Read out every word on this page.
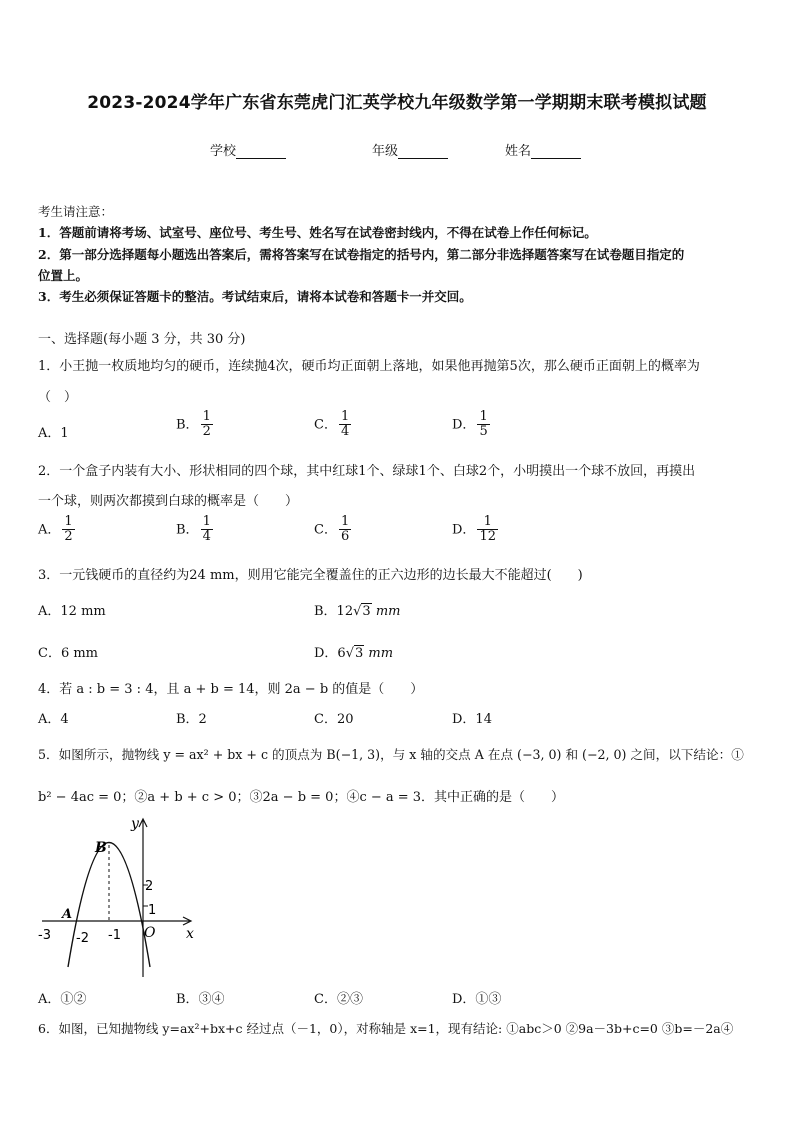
2023-2024学年广东省东莞虎门汇英学校九年级数学第一学期期末联考模拟试题
学校	年级	姓名
考生请注意：
1．答题前请将考场、试室号、座位号、考生号、姓名写在试卷密封线内，不得在试卷上作任何标记。
2．第一部分选择题每小题选出答案后，需将答案写在试卷指定的括号内，第二部分非选择题答案写在试卷题目指定的
位置上。
3．考生必须保证答题卡的整洁。考试结束后，请将本试卷和答题卡一并交回。
一、选择题(每小题 3 分，共 30 分)
1．小王抛一枚质地均匀的硬币，连续抛4次，硬币均正面朝上落地，如果他再抛第5次，那么硬币正面朝上的概率为
（　）
A．1
B． $\frac{1}{2}$	C． $\frac{1}{4}$	D． $\frac{1}{5}$
2．一个盒子内装有大小、形状相同的四个球，其中红球1个、绿球1个、白球2个，小明摸出一个球不放回，再摸出
一个球，则两次都摸到白球的概率是（　　）
A． $\frac{1}{2}$	B． $\frac{1}{4}$	C． $\frac{1}{6}$	D． $\frac{1}{12}$
3．一元钱硬币的直径约为24 mm，则用它能完全覆盖住的正六边形的边长最大不能超过(　　)
A．12 mm	B．12√3 mm
C．6 mm	D．6√3 mm
4．若 a : b = 3 : 4，且 a + b = 14，则 2a − b 的值是（　　）
A．4	B．2	C．20	D．14
5．如图所示，抛物线 y = ax² + bx + c 的顶点为 B(−1, 3)，与 x 轴的交点 A 在点 (−3, 0) 和 (−2, 0) 之间，以下结论：①
b² − 4ac = 0；②a + b + c > 0；③2a − b = 0；④c − a = 3．其中正确的是（　　）
y
x
O
B
A
-3 -2 -1
2
1
A．①②	B．③④	C．②③	D．①③
6．如图，已知抛物线 y=ax²+bx+c 经过点（－1，0），对称轴是 x=1，现有结论: ①abc＞0 ②9a－3b+c=0 ③b=－2a④
